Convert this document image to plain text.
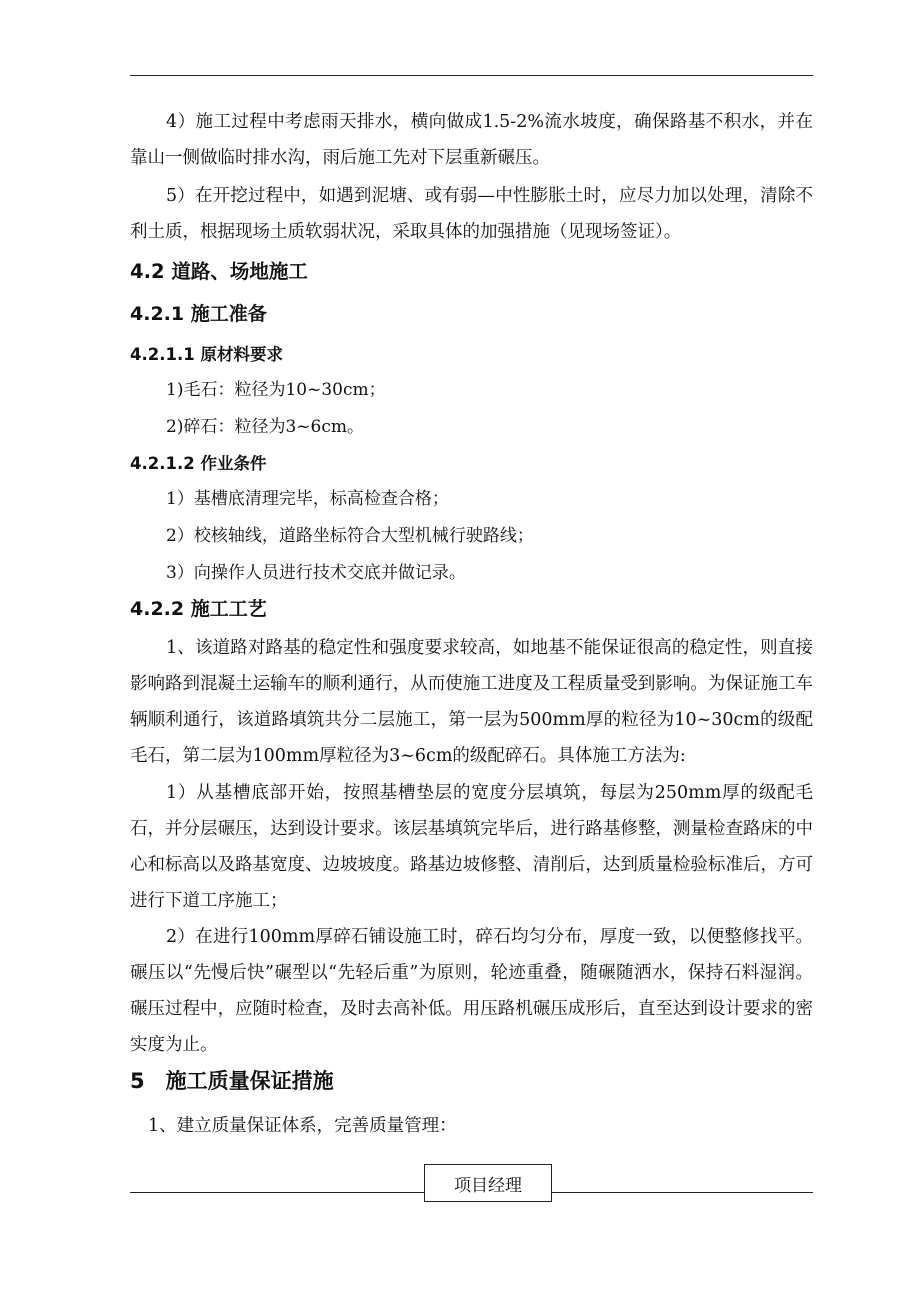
4）施工过程中考虑雨天排水，横向做成1.5-2%流水坡度，确保路基不积水，并在靠山一侧做临时排水沟，雨后施工先对下层重新碾压。
5）在开挖过程中，如遇到泥塘、或有弱—中性膨胀土时，应尽力加以处理，清除不利土质，根据现场土质软弱状况，采取具体的加强措施（见现场签证）。
4.2 道路、场地施工
4.2.1 施工准备
4.2.1.1 原材料要求
1)毛石：粒径为10~30cm；
2)碎石：粒径为3~6cm。
4.2.1.2 作业条件
1）基槽底清理完毕，标高检查合格；
2）校核轴线，道路坐标符合大型机械行驶路线；
3）向操作人员进行技术交底并做记录。
4.2.2 施工工艺
1、该道路对路基的稳定性和强度要求较高，如地基不能保证很高的稳定性，则直接影响路到混凝土运输车的顺利通行，从而使施工进度及工程质量受到影响。为保证施工车辆顺利通行，该道路填筑共分二层施工，第一层为500mm厚的粒径为10~30cm的级配毛石，第二层为100mm厚粒径为3~6cm的级配碎石。具体施工方法为:
1）从基槽底部开始，按照基槽垫层的宽度分层填筑，每层为250mm厚的级配毛石，并分层碾压，达到设计要求。该层基填筑完毕后，进行路基修整，测量检查路床的中心和标高以及路基宽度、边坡坡度。路基边坡修整、清削后，达到质量检验标准后，方可进行下道工序施工；
2）在进行100mm厚碎石铺设施工时，碎石均匀分布，厚度一致，以便整修找平。碾压以“先慢后快”碾型以“先轻后重”为原则，轮迹重叠，随碾随洒水，保持石料湿润。碾压过程中，应随时检查，及时去高补低。用压路机碾压成形后，直至达到设计要求的密实度为止。
5　施工质量保证措施
1、建立质量保证体系，完善质量管理：
项目经理
